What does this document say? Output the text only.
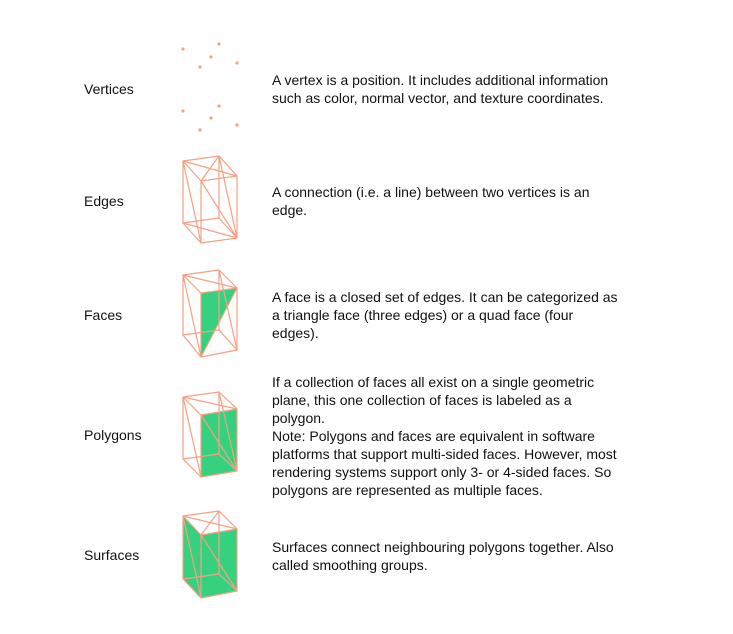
Vertices
Edges
Faces
Polygons
Surfaces
A vertex is a position. It includes additional information
such as color, normal vector, and texture coordinates.
A connection (i.e. a line) between two vertices is an
edge.
A face is a closed set of edges. It can be categorized as
a triangle face (three edges) or a quad face (four
edges).
If a collection of faces all exist on a single geometric
plane, this one collection of faces is labeled as a
polygon.
Note: Polygons and faces are equivalent in software
platforms that support multi-sided faces. However, most
rendering systems support only 3- or 4-sided faces. So
polygons are represented as multiple faces.
Surfaces connect neighbouring polygons together. Also
called smoothing groups.
